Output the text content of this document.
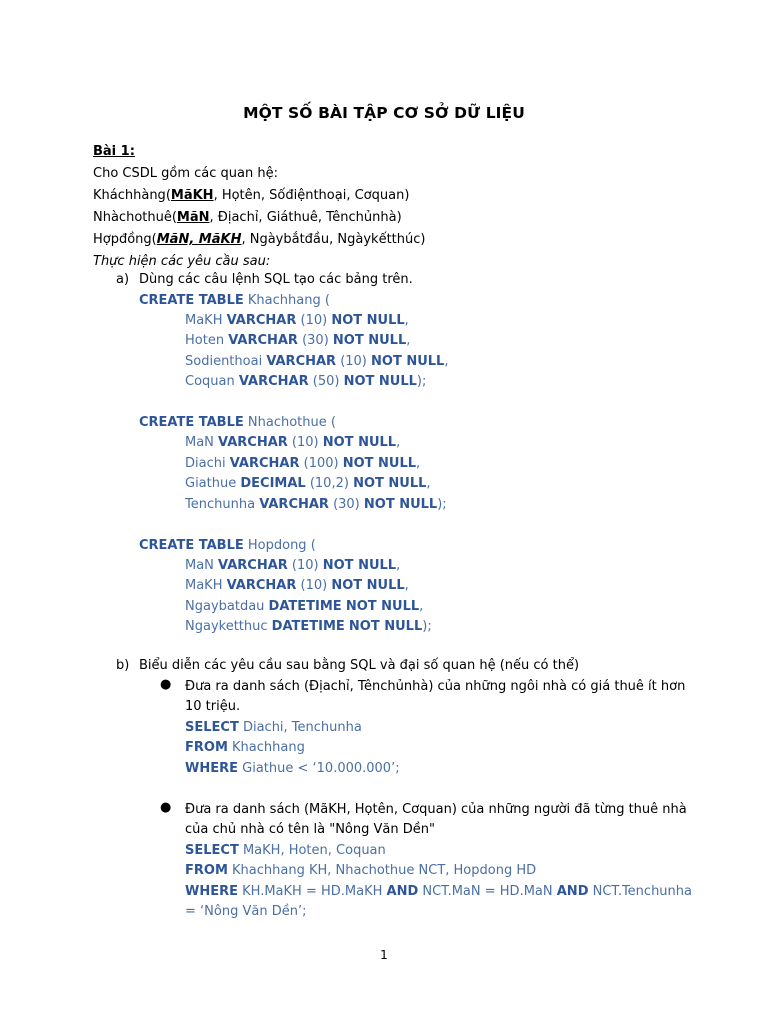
MỘT SỐ BÀI TẬP CƠ SỞ DỮ LIỆU
Bài 1:
Cho CSDL gồm các quan hệ:
Kháchhàng(MãKH, Họtên, Sốđiệnthoại, Cơquan)
Nhàchothuê(MãN, Địachỉ, Giáthuê, Tênchủnhà)
Hợpđồng(MãN, MãKH, Ngàybắtđầu, Ngàykếtthúc)
Thực hiện các yêu cầu sau:
a) Dùng các câu lệnh SQL tạo các bảng trên.
CREATE TABLE Khachhang (
MaKH VARCHAR (10) NOT NULL,
Hoten VARCHAR (30) NOT NULL,
Sodienthoai VARCHAR (10) NOT NULL,
Coquan VARCHAR (50) NOT NULL);
CREATE TABLE Nhachothue (
MaN VARCHAR (10) NOT NULL,
Diachi VARCHAR (100) NOT NULL,
Giathue DECIMAL (10,2) NOT NULL,
Tenchunha VARCHAR (30) NOT NULL);
CREATE TABLE Hopdong (
MaN VARCHAR (10) NOT NULL,
MaKH VARCHAR (10) NOT NULL,
Ngaybatdau DATETIME NOT NULL,
Ngayketthuc DATETIME NOT NULL);
b) Biểu diễn các yêu cầu sau bằng SQL và đại số quan hệ (nếu có thể)
● Đưa ra danh sách (Địachỉ, Tênchủnhà) của những ngôi nhà có giá thuê ít hơn
10 triệu.
SELECT Diachi, Tenchunha
FROM Khachhang
WHERE Giathue < ‘10.000.000’;
● Đưa ra danh sách (MãKH, Họtên, Cơquan) của những người đã từng thuê nhà
của chủ nhà có tên là "Nông Văn Dền"
SELECT MaKH, Hoten, Coquan
FROM Khachhang KH, Nhachothue NCT, Hopdong HD
WHERE KH.MaKH = HD.MaKH AND NCT.MaN = HD.MaN AND NCT.Tenchunha
= ‘Nông Văn Dền’;
1
